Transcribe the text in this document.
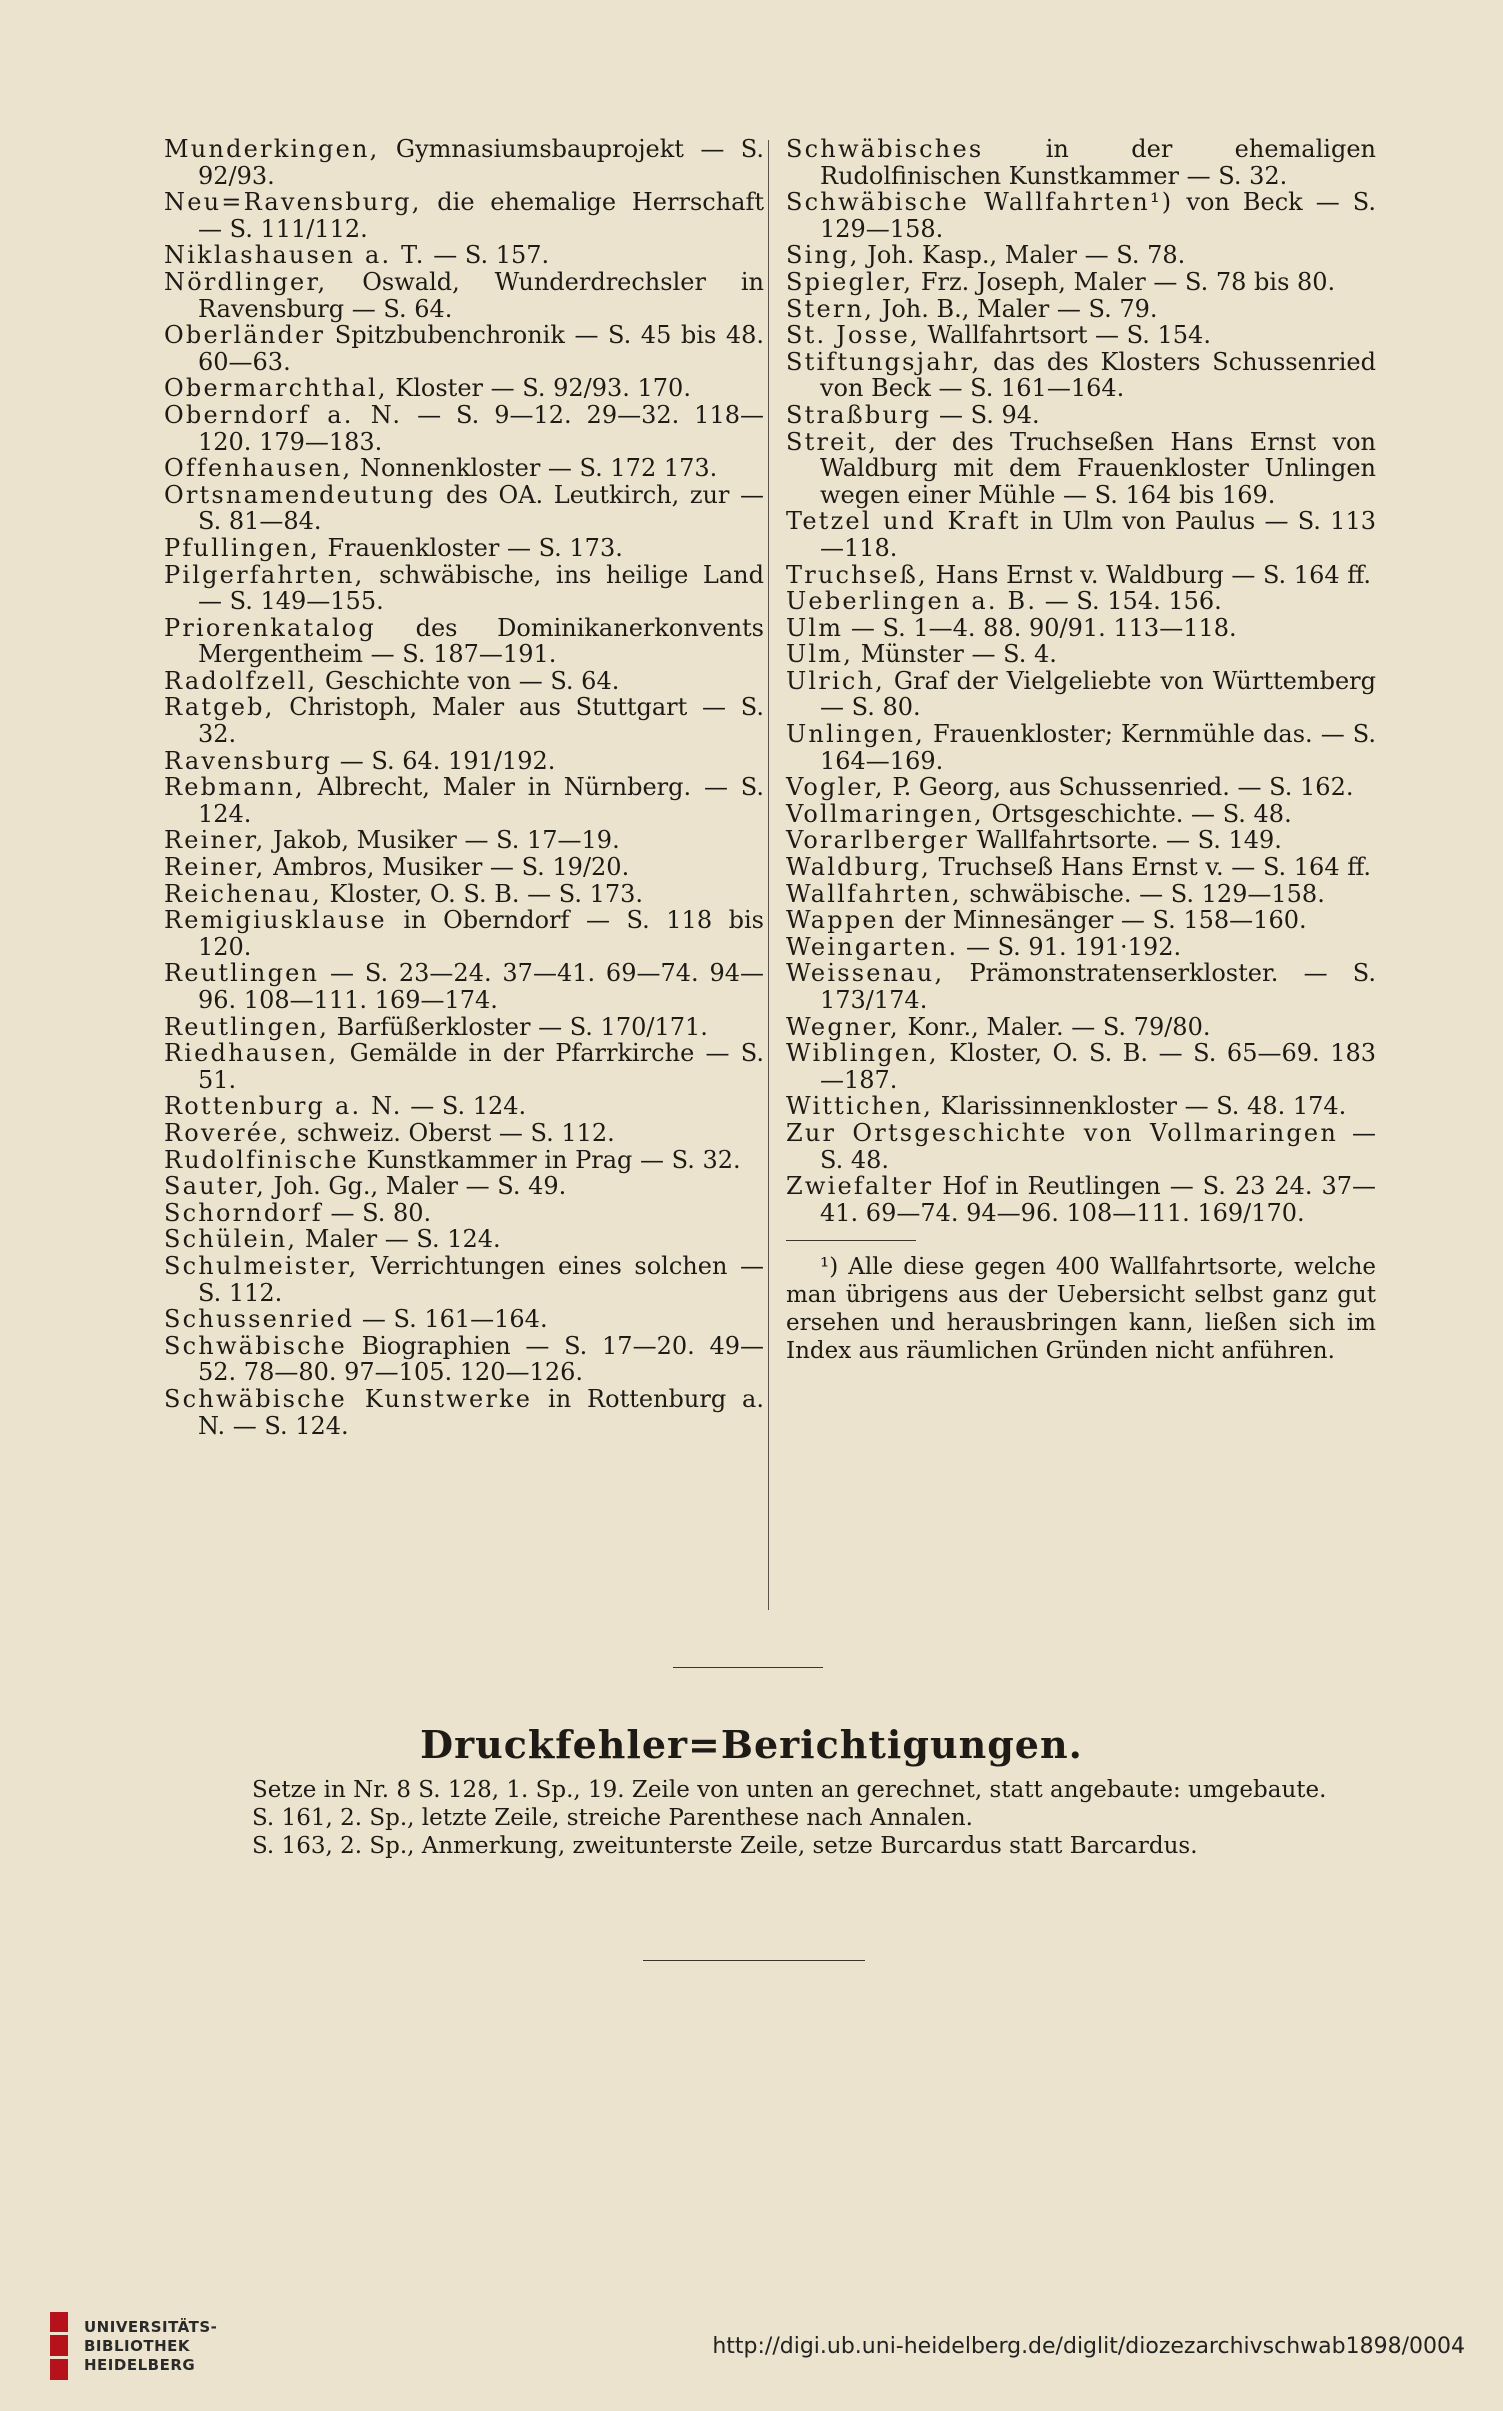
Munderkingen, Gymnasiumsbauprojekt — S. 92/93.

Neu=Ravensburg, die ehemalige Herrschaft — S. 111/112.

Niklashausen a. T. — S. 157.

Nördlinger, Oswald, Wunderdrechsler in Ravensburg — S. 64.

Oberländer Spitzbubenchronik — S. 45 bis 48. 60—63.

Obermarchthal, Kloster — S. 92/93. 170.

Oberndorf a. N. — S. 9—12. 29—32. 118—120. 179—183.

Offenhausen, Nonnenkloster — S. 172 173.

Ortsnamendeutung des OA. Leutkirch, zur — S. 81—84.

Pfullingen, Frauenkloster — S. 173.

Pilgerfahrten, schwäbische, ins heilige Land — S. 149—155.

Priorenkatalog des Dominikanerkonvents Mergentheim — S. 187—191.

Radolfzell, Geschichte von — S. 64.

Ratgeb, Christoph, Maler aus Stuttgart — S. 32.

Ravensburg — S. 64. 191/192.

Rebmann, Albrecht, Maler in Nürnberg. — S. 124.

Reiner, Jakob, Musiker — S. 17—19.

Reiner, Ambros, Musiker — S. 19/20.

Reichenau, Kloster, O. S. B. — S. 173.

Remigiusklause in Oberndorf — S. 118 bis 120.

Reutlingen — S. 23—24. 37—41. 69—74. 94—96. 108—111. 169—174.

Reutlingen, Barfüßerkloster — S. 170/171.

Riedhausen, Gemälde in der Pfarrkirche — S. 51.

Rottenburg a. N. — S. 124.

Roverée, schweiz. Oberst — S. 112.

Rudolfinische Kunstkammer in Prag — S. 32.

Sauter, Joh. Gg., Maler — S. 49.

Schorndorf — S. 80.

Schülein, Maler — S. 124.

Schulmeister, Verrichtungen eines solchen — S. 112.

Schussenried — S. 161—164.

Schwäbische Biographien — S. 17—20. 49—52. 78—80. 97—105. 120—126.

Schwäbische Kunstwerke in Rottenburg a. N. — S. 124.

Schwäbisches in der ehemaligen Rudolfinischen Kunstkammer — S. 32.

Schwäbische Wallfahrten¹) von Beck — S. 129—158.

Sing, Joh. Kasp., Maler — S. 78.

Spiegler, Frz. Joseph, Maler — S. 78 bis 80.

Stern, Joh. B., Maler — S. 79.

St. Josse, Wallfahrtsort — S. 154.

Stiftungsjahr, das des Klosters Schussenried von Beck — S. 161—164.

Straßburg — S. 94.

Streit, der des Truchseßen Hans Ernst von Waldburg mit dem Frauenkloster Unlingen wegen einer Mühle — S. 164 bis 169.

Tetzel und Kraft in Ulm von Paulus — S. 113—118.

Truchseß, Hans Ernst v. Waldburg — S. 164 ff.

Ueberlingen a. B. — S. 154. 156.

Ulm — S. 1—4. 88. 90/91. 113—118.

Ulm, Münster — S. 4.

Ulrich, Graf der Vielgeliebte von Württemberg — S. 80.

Unlingen, Frauenkloster; Kernmühle das. — S. 164—169.

Vogler, P. Georg, aus Schussenried. — S. 162.

Vollmaringen, Ortsgeschichte. — S. 48.

Vorarlberger Wallfahrtsorte. — S. 149.

Waldburg, Truchseß Hans Ernst v. — S. 164 ff.

Wallfahrten, schwäbische. — S. 129—158.

Wappen der Minnesänger — S. 158—160.

Weingarten. — S. 91. 191·192.

Weissenau, Prämonstratenserkloster. — S. 173/174.

Wegner, Konr., Maler. — S. 79/80.

Wiblingen, Kloster, O. S. B. — S. 65—69. 183—187.

Wittichen, Klarissinnenkloster — S. 48. 174.

Zur Ortsgeschichte von Vollmaringen — S. 48.

Zwiefalter Hof in Reutlingen — S. 23 24. 37—41. 69—74. 94—96. 108—111. 169/170.

¹) Alle diese gegen 400 Wallfahrtsorte, welche man übrigens aus der Uebersicht selbst ganz gut ersehen und herausbringen kann, ließen sich im Index aus räumlichen Gründen nicht anführen.

Druckfehler=Berichtigungen.

Setze in Nr. 8 S. 128, 1. Sp., 19. Zeile von unten an gerechnet, statt angebaute: umgebaute.

S. 161, 2. Sp., letzte Zeile, streiche Parenthese nach Annalen.

S. 163, 2. Sp., Anmerkung, zweitunterste Zeile, setze Burcardus statt Barcardus.

UNIVERSITÄTS-
BIBLIOTHEK
HEIDELBERG
http://digi.ub.uni-heidelberg.de/diglit/diozezarchivschwab1898/0004
